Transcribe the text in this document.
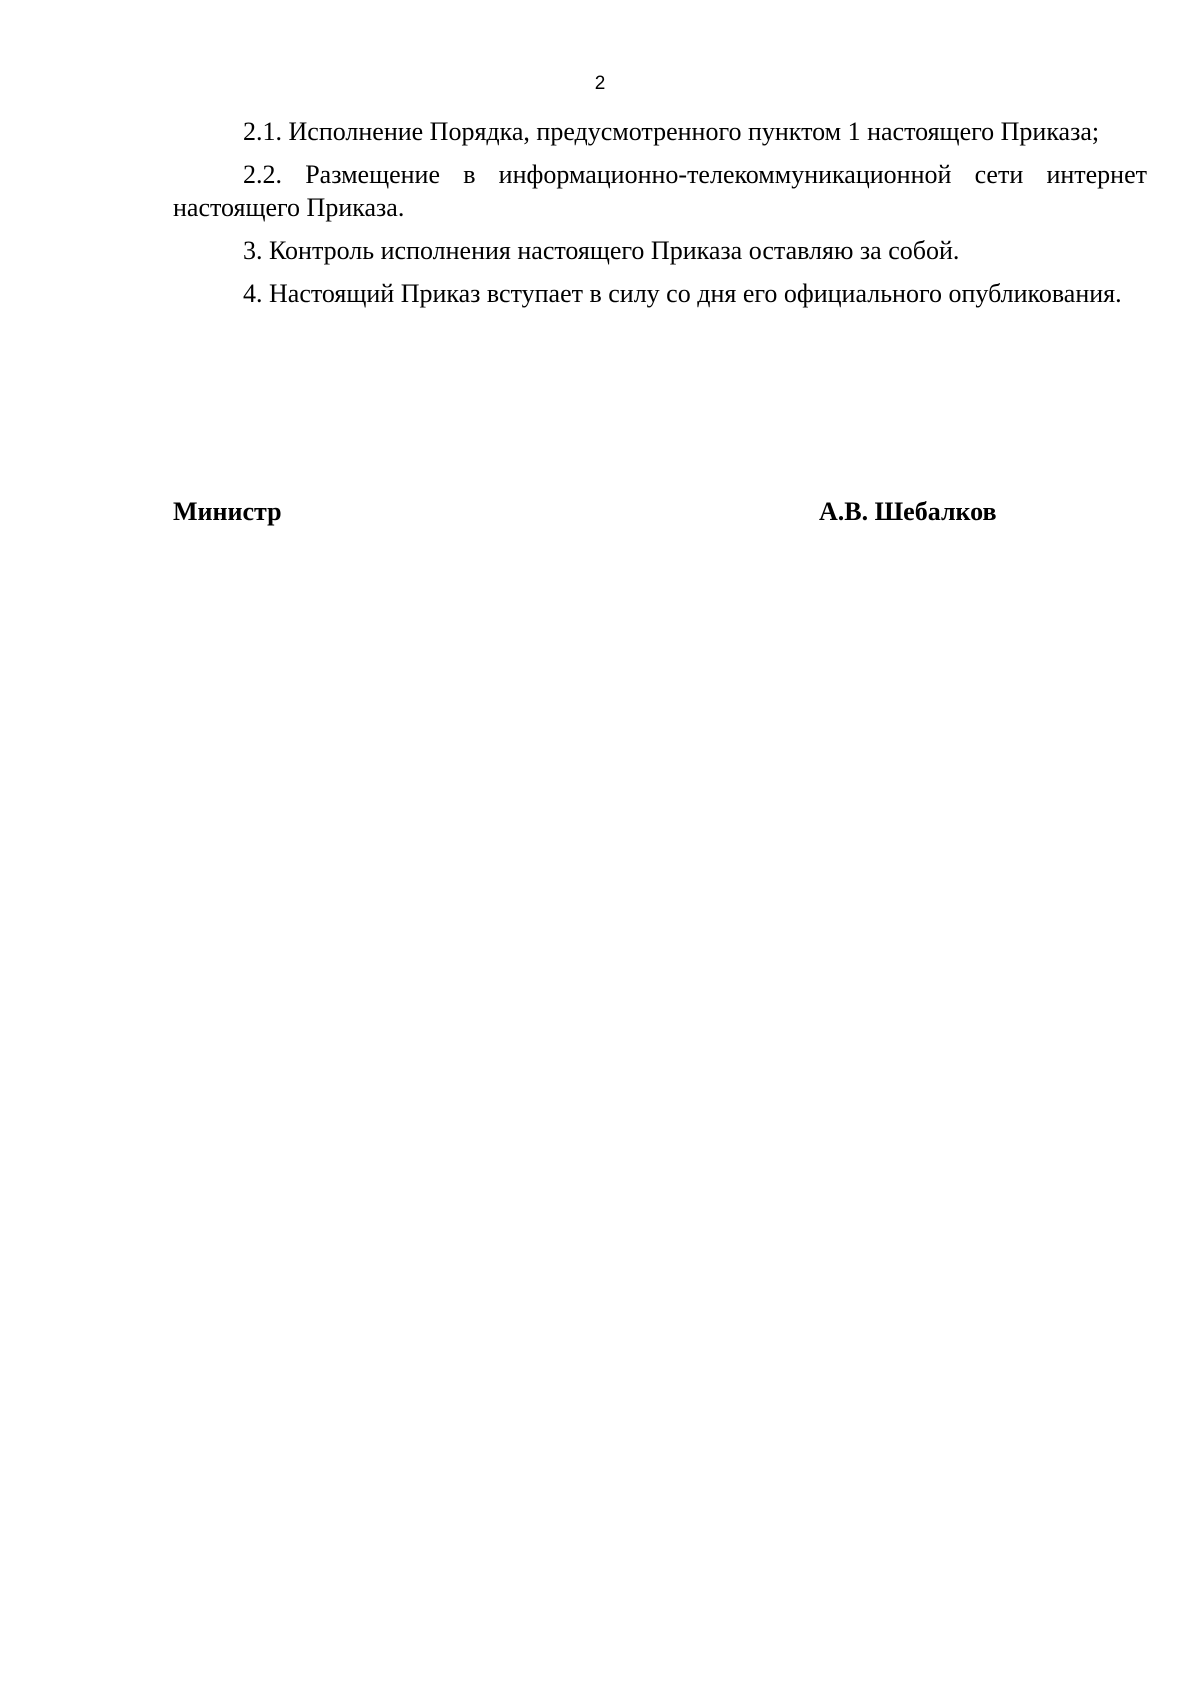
2

2.1. Исполнение Порядка, предусмотренного пунктом 1 настоящего Приказа;

2.2. Размещение в информационно-телекоммуникационной сети интернет настоящего Приказа.

3. Контроль исполнения настоящего Приказа оставляю за собой.

4. Настоящий Приказ вступает в силу со дня его официального опубликования.

Министр	А.В. Шебалков
